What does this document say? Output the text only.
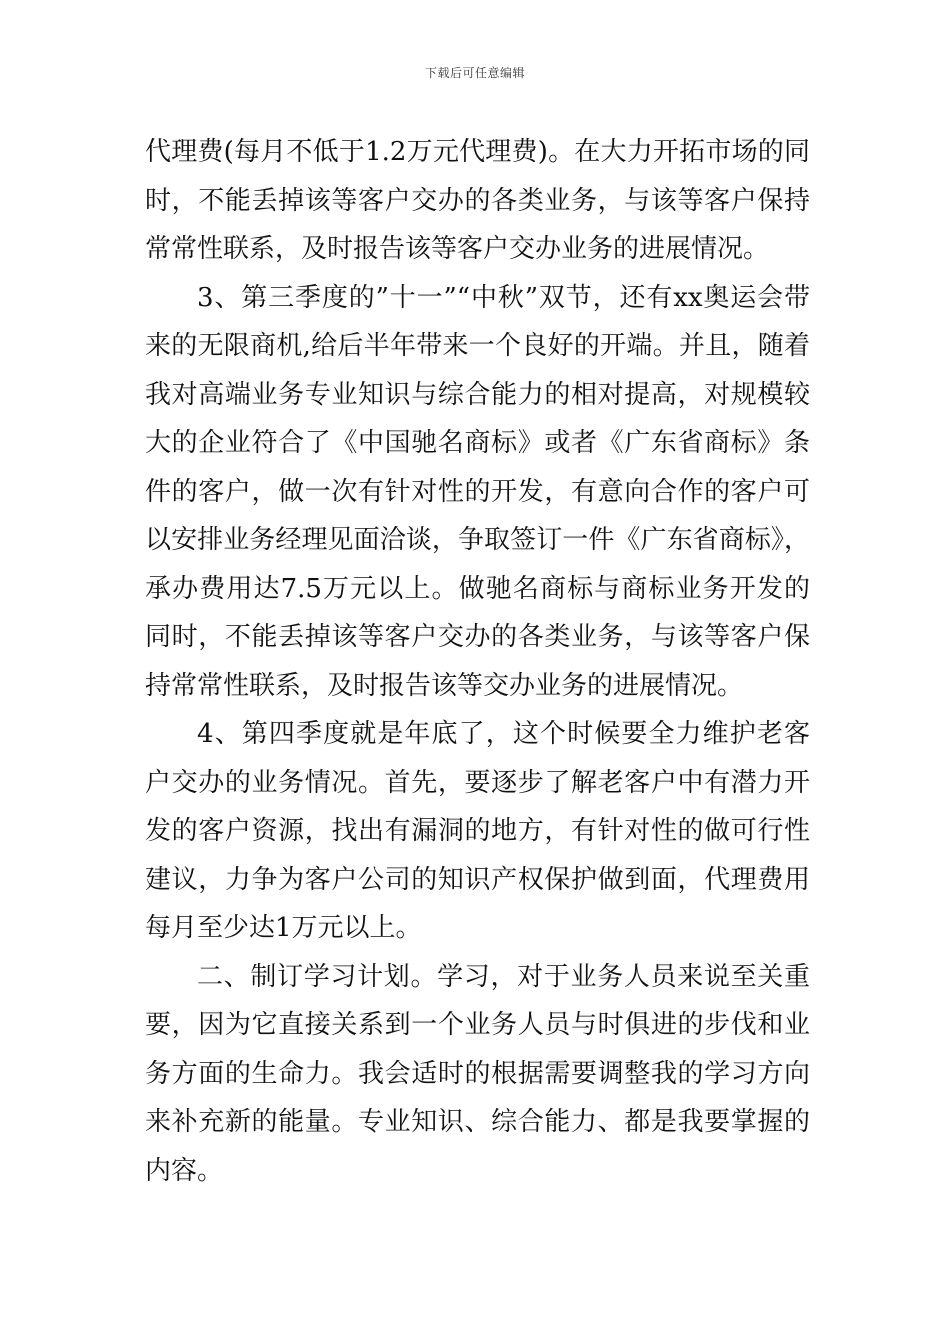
下载后可任意编辑

代理费(每月不低于1.2万元代理费)。在大力开拓市场的同时，不能丢掉该等客户交办的各类业务，与该等客户保持常常性联系，及时报告该等客户交办业务的进展情况。

3、第三季度的”十一”“中秋”双节，还有xx奥运会带来的无限商机,给后半年带来一个良好的开端。并且，随着我对高端业务专业知识与综合能力的相对提高，对规模较大的企业符合了《中国驰名商标》或者《广东省商标》条件的客户，做一次有针对性的开发，有意向合作的客户可以安排业务经理见面洽谈，争取签订一件《广东省商标》，承办费用达7.5万元以上。做驰名商标与商标业务开发的同时，不能丢掉该等客户交办的各类业务，与该等客户保持常常性联系，及时报告该等交办业务的进展情况。

4、第四季度就是年底了，这个时候要全力维护老客户交办的业务情况。首先，要逐步了解老客户中有潜力开发的客户资源，找出有漏洞的地方，有针对性的做可行性建议，力争为客户公司的知识产权保护做到面，代理费用每月至少达1万元以上。

二、制订学习计划。学习，对于业务人员来说至关重要，因为它直接关系到一个业务人员与时俱进的步伐和业务方面的生命力。我会适时的根据需要调整我的学习方向来补充新的能量。专业知识、综合能力、都是我要掌握的内容。
